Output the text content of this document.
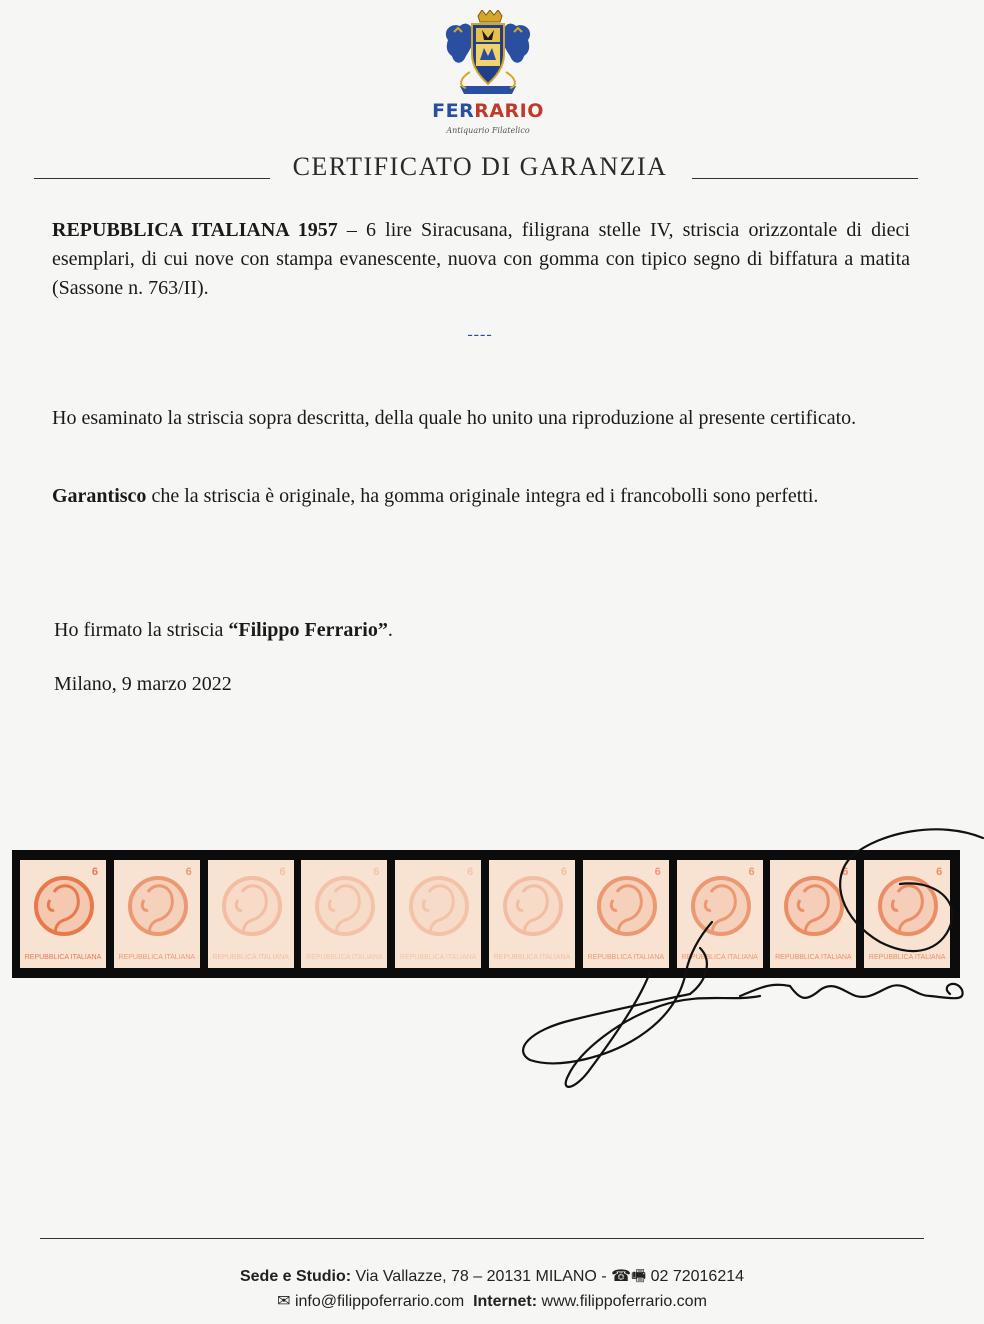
FERRARIO
Antiquario Filatelico
CERTIFICATO DI GARANZIA
REPUBBLICA ITALIANA 1957 – 6 lire Siracusana, filigrana stelle IV, striscia orizzontale di dieci esemplari, di cui nove con stampa evanescente, nuova con gomma con tipico segno di biffatura a matita (Sassone n. 763/II).
----
Ho esaminato la striscia sopra descritta, della quale ho unito una riproduzione al presente certificato.
Garantisco che la striscia è originale, ha gomma originale integra ed i francobolli sono perfetti.
Ho firmato la striscia “Filippo Ferrario”.
Milano, 9 marzo 2022
6
REPUBBLICA ITALIANA
6
REPUBBLICA ITALIANA
6
REPUBBLICA ITALIANA
6
REPUBBLICA ITALIANA
6
REPUBBLICA ITALIANA
6
REPUBBLICA ITALIANA
6
REPUBBLICA ITALIANA
6
REPUBBLICA ITALIANA
6
REPUBBLICA ITALIANA
6
REPUBBLICA ITALIANA
Sede e Studio: Via Vallazze, 78 – 20131 MILANO - ☎🖷 02 72016214
✉ info@filippoferrario.com Internet: www.filippoferrario.com
